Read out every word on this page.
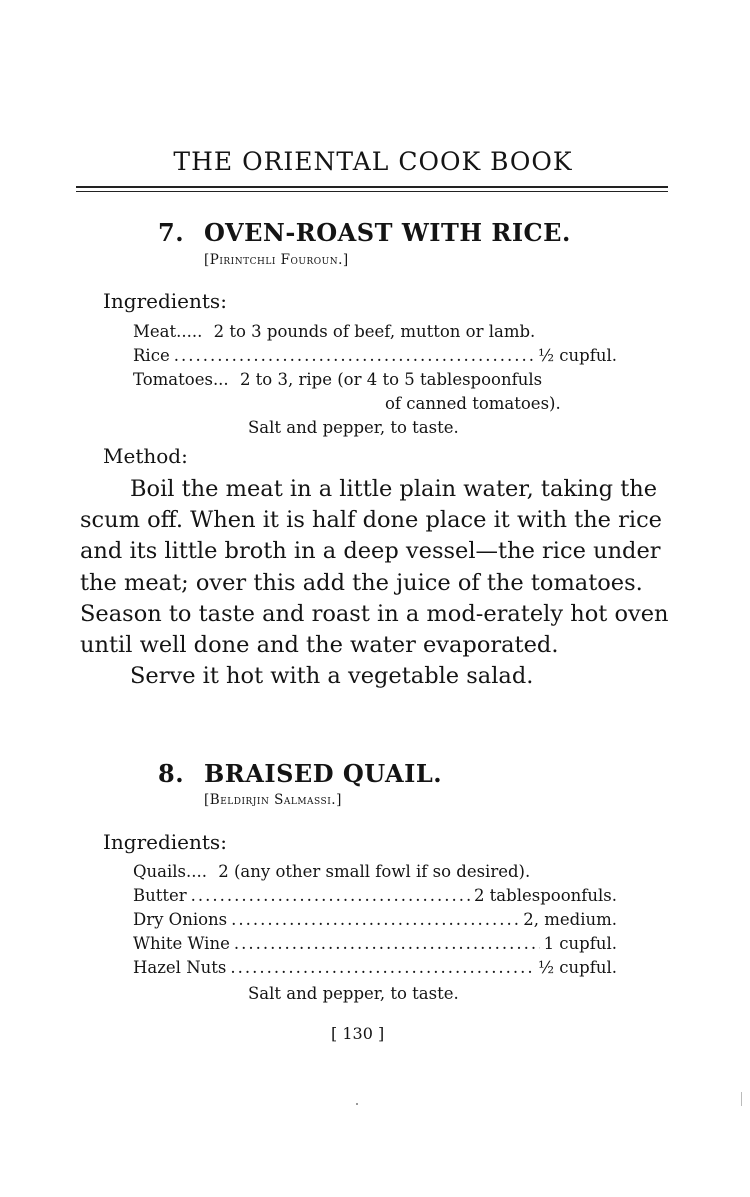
THE ORIENTAL COOK BOOK
7. OVEN-ROAST WITH RICE.
[Pirintchli Fouroun.]
Ingredients:
Meat..... 2 to 3 pounds of beef, mutton or lamb.
Rice .....	½ cupful.
Tomatoes... 2 to 3, ripe (or 4 to 5 tablespoonfuls
of canned tomatoes).
Salt and pepper, to taste.
Method:

Boil the meat in a little plain water, taking the scum off. When it is half done place it with the rice and its little broth in a deep vessel—the rice under the meat; over this add the juice of the tomatoes. Season to taste and roast in a mod-erately hot oven until well done and the water evaporated.

Serve it hot with a vegetable salad.

8. BRAISED QUAIL.
[Beldirjin Salmassi.]
Ingredients:
Quails.... 2 (any other small fowl if so desired).
Butter .....	2 tablespoonfuls.
Dry Onions .....	2, medium.
White Wine .....	1 cupful.
Hazel Nuts .....	½ cupful.
Salt and pepper, to taste.
[ 130 ]
